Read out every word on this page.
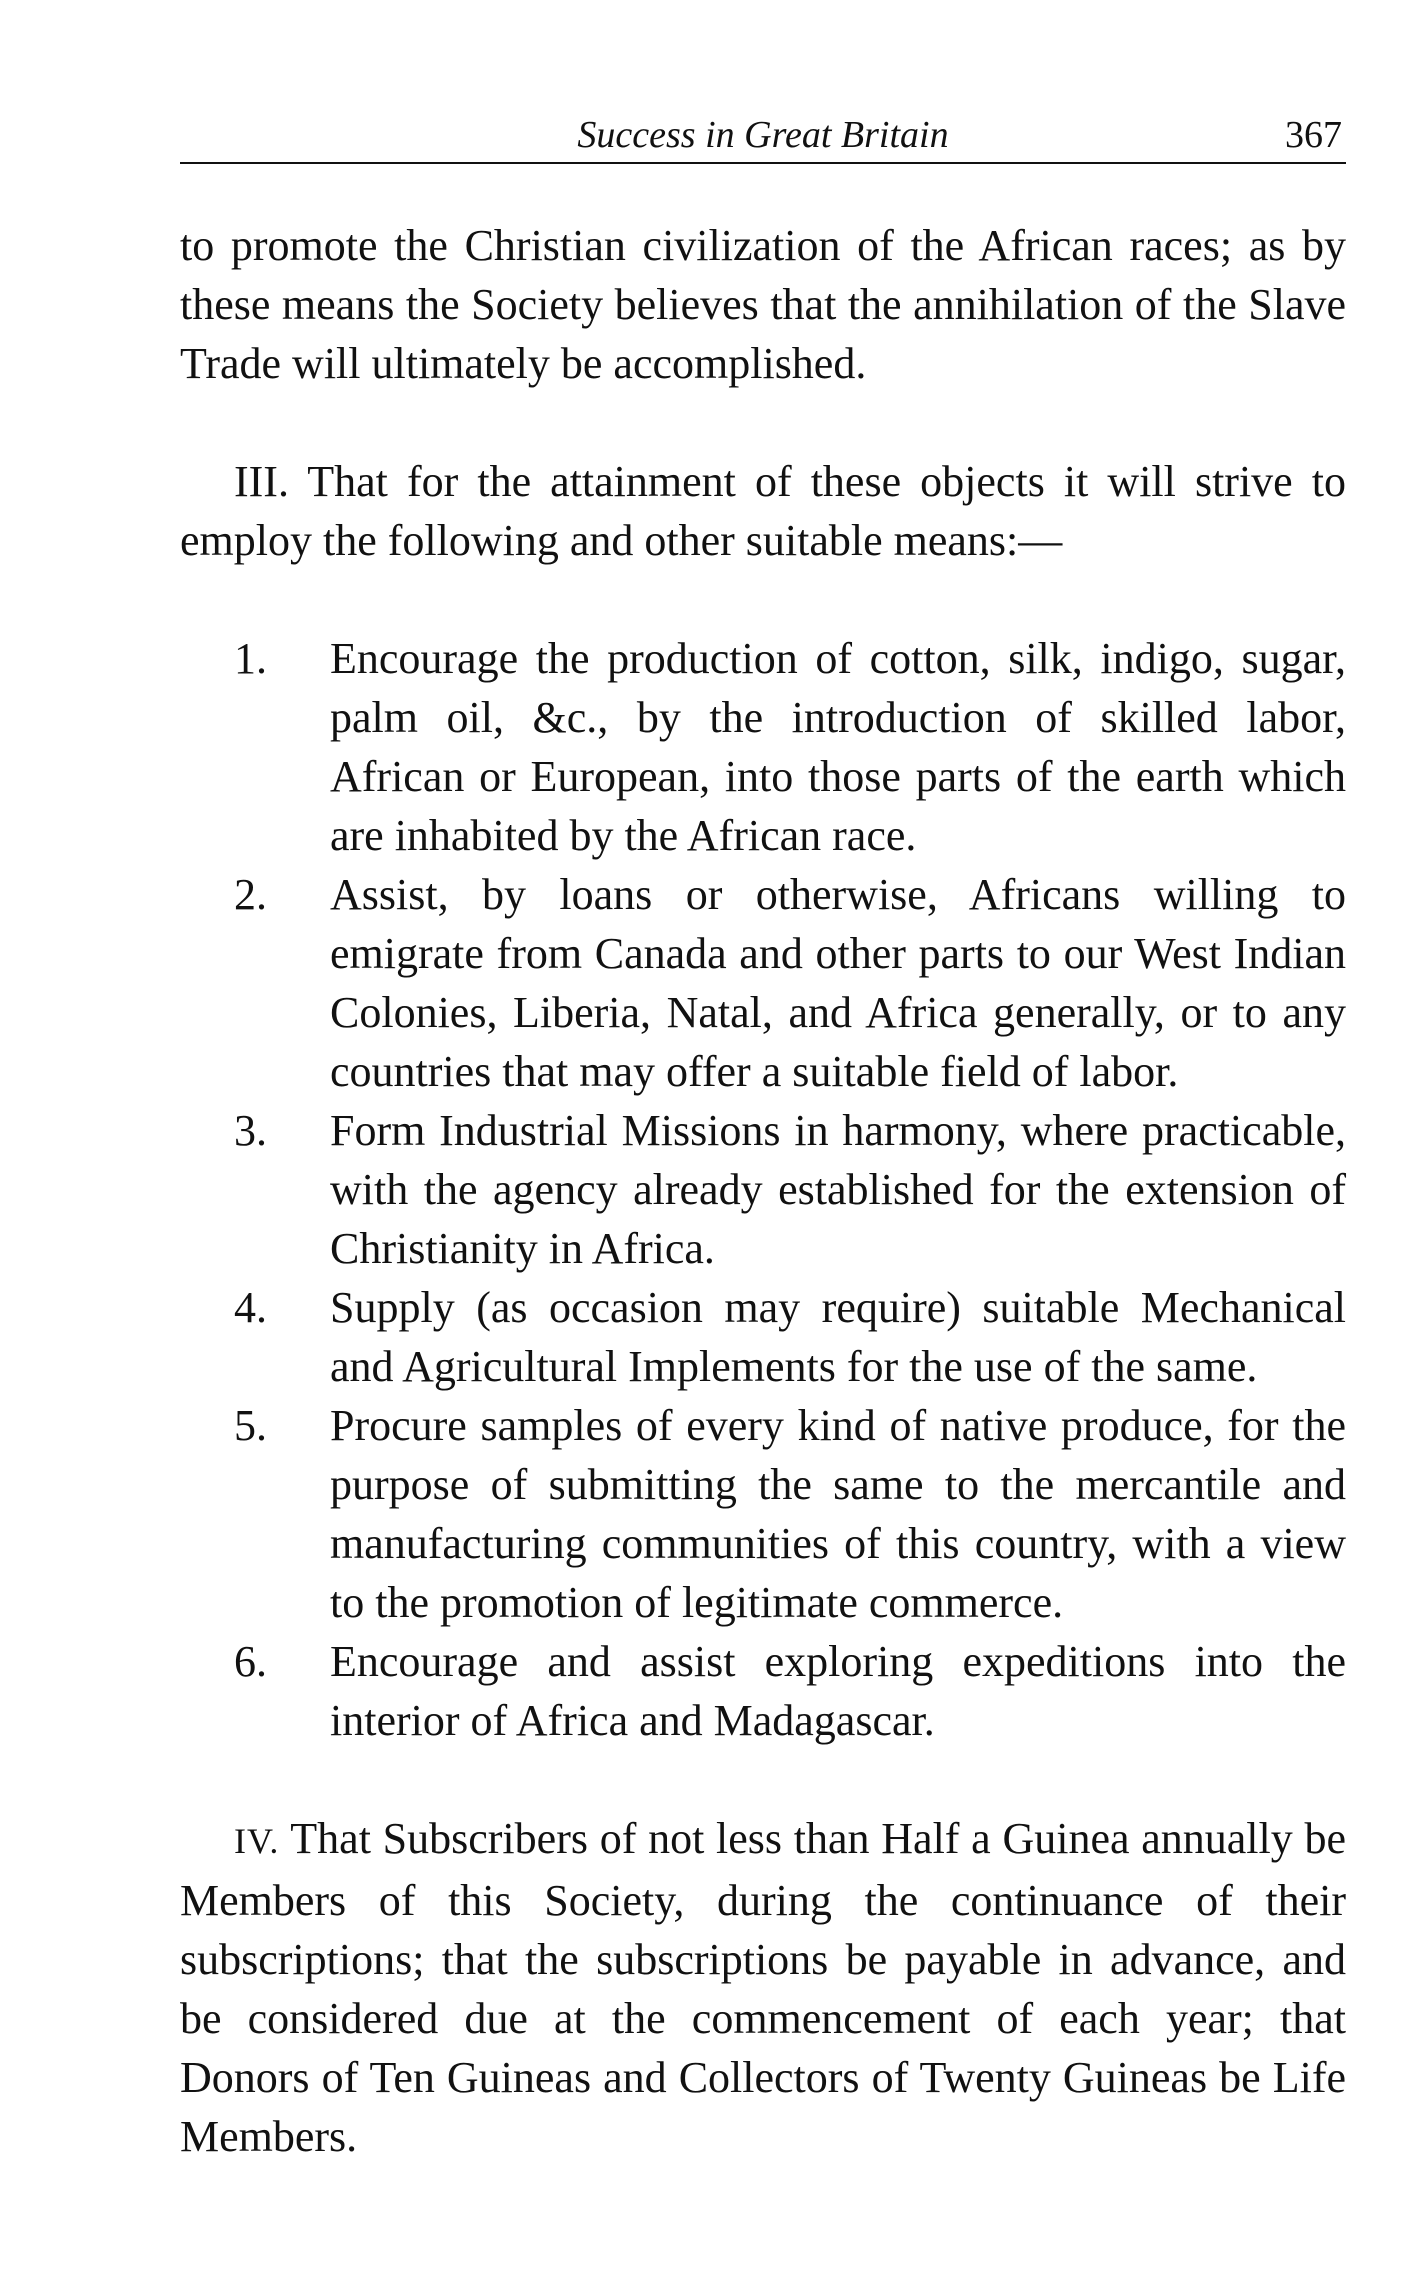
Success in Great Britain	367

to promote the Christian civilization of the African races; as by these means the Society believes that the annihilation of the Slave Trade will ultimately be accomplished.

III. That for the attainment of these objects it will strive to employ the following and other suitable means:—

1.	Encourage the production of cotton, silk, indigo, sugar, palm oil, &c., by the introduction of skilled labor, African or European, into those parts of the earth which are inhabited by the African race.
2.	Assist, by loans or otherwise, Africans willing to emigrate from Canada and other parts to our West Indian Colonies, Liberia, Natal, and Africa generally, or to any countries that may offer a suitable field of labor.
3.	Form Industrial Missions in harmony, where practicable, with the agency already established for the extension of Christianity in Africa.
4.	Supply (as occasion may require) suitable Mechanical and Agricultural Implements for the use of the same.
5.	Procure samples of every kind of native produce, for the purpose of submitting the same to the mercantile and manufacturing communities of this country, with a view to the promotion of legitimate commerce.
6.	Encourage and assist exploring expeditions into the interior of Africa and Madagascar.

IV. That Subscribers of not less than Half a Guinea annually be Members of this Society, during the continuance of their subscriptions; that the subscriptions be payable in advance, and be considered due at the commencement of each year; that Donors of Ten Guineas and Collectors of Twenty Guineas be Life Members.
